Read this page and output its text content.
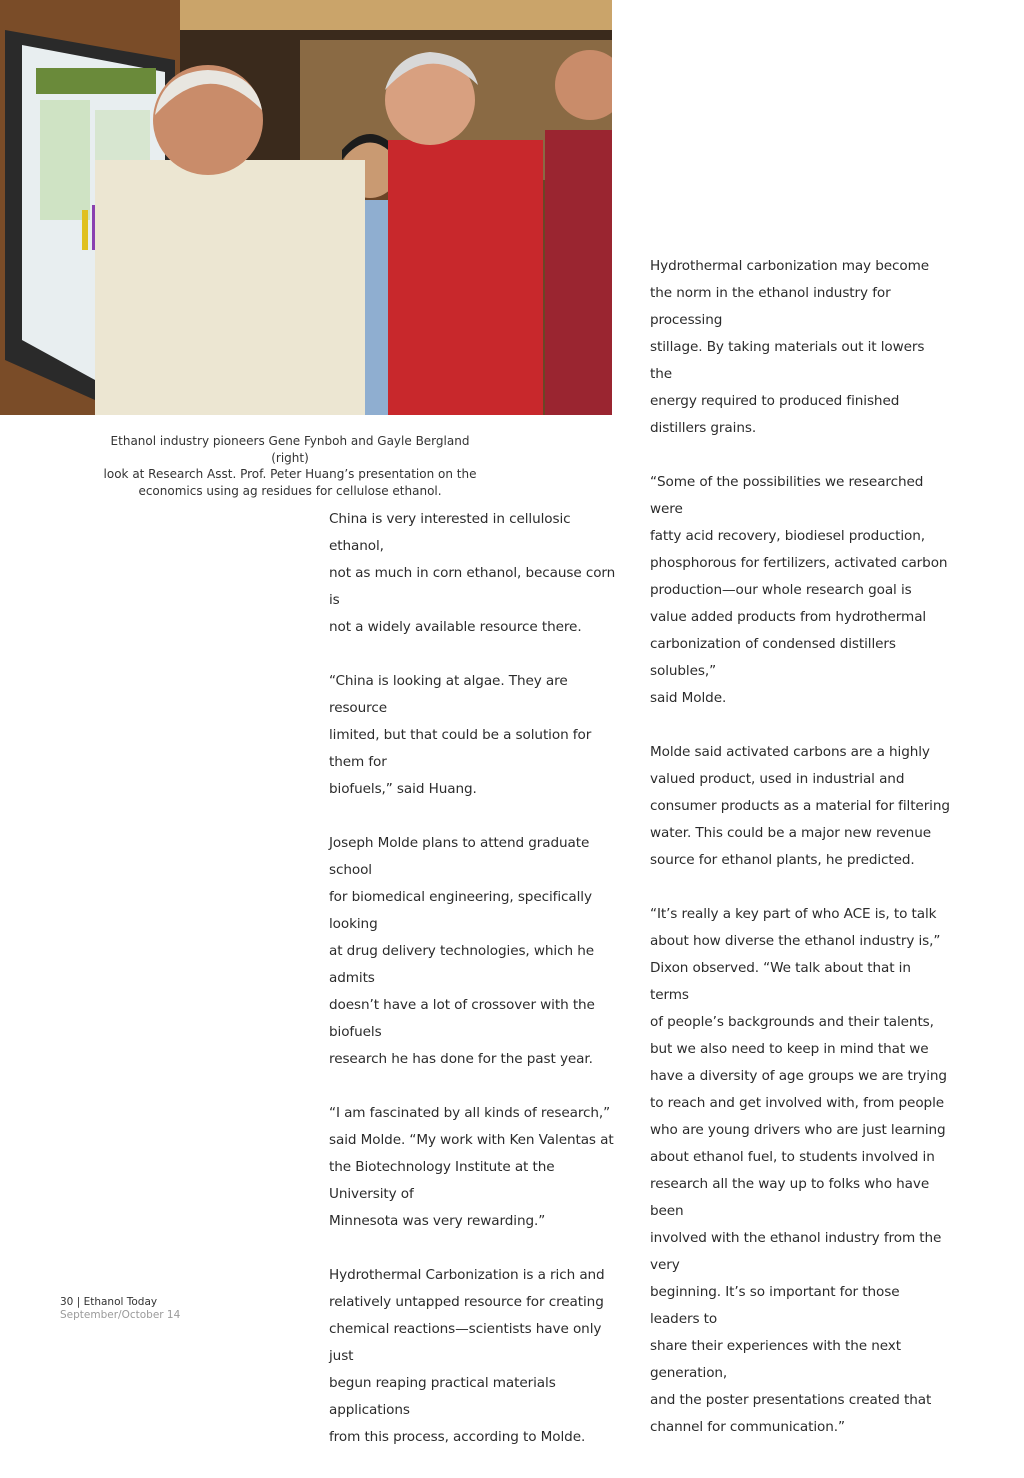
Ethanol industry pioneers Gene Fynboh and Gayle Bergland (right)
look at Research Asst. Prof. Peter Huang’s presentation on the
economics using ag residues for cellulose ethanol.

China is very interested in cellulosic ethanol,
not as much in corn ethanol, because corn is
not a widely available resource there.

“China is looking at algae. They are resource
limited, but that could be a solution for them for
biofuels,” said Huang.

Joseph Molde plans to attend graduate school
for biomedical engineering, specifically looking
at drug delivery technologies, which he admits
doesn’t have a lot of crossover with the biofuels
research he has done for the past year.

“I am fascinated by all kinds of research,”
said Molde. “My work with Ken Valentas at
the Biotechnology Institute at the University of
Minnesota was very rewarding.”

Hydrothermal Carbonization is a rich and
relatively untapped resource for creating
chemical reactions—scientists have only just
begun reaping practical materials applications
from this process, according to Molde.

Hydrothermal carbonization may become
the norm in the ethanol industry for processing
stillage. By taking materials out it lowers the
energy required to produced finished
distillers grains.

“Some of the possibilities we researched were
fatty acid recovery, biodiesel production,
phosphorous for fertilizers, activated carbon
production—our whole research goal is
value added products from hydrothermal
carbonization of condensed distillers solubles,”
said Molde.

Molde said activated carbons are a highly
valued product, used in industrial and
consumer products as a material for filtering
water. This could be a major new revenue
source for ethanol plants, he predicted.

“It’s really a key part of who ACE is, to talk
about how diverse the ethanol industry is,”
Dixon observed. “We talk about that in terms
of people’s backgrounds and their talents,
but we also need to keep in mind that we
have a diversity of age groups we are trying
to reach and get involved with, from people
who are young drivers who are just learning
about ethanol fuel, to students involved in
research all the way up to folks who have been
involved with the ethanol industry from the very
beginning. It’s so important for those leaders to
share their experiences with the next generation,
and the poster presentations created that
channel for communication.”

30 | Ethanol Today
September/October 14
